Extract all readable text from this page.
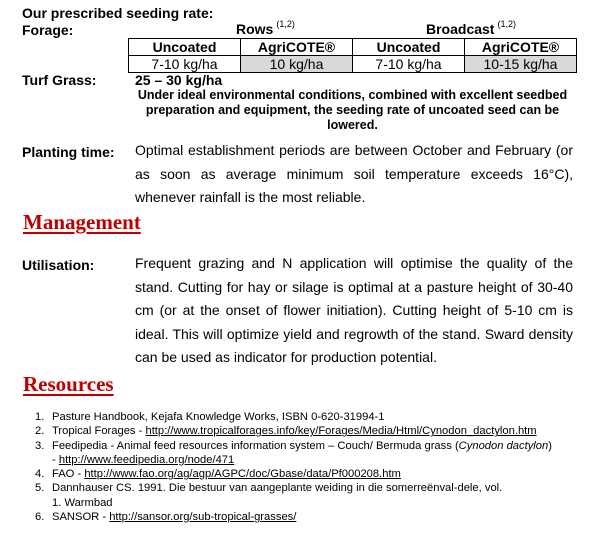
Our prescribed seeding rate:
Forage:	Rows $^{(1,2)}$	Broadcast $^{(1,2)}$
Uncoated	AgriCOTE®	Uncoated	AgriCOTE®
7-10 kg/ha	10 kg/ha	7-10 kg/ha	10-15 kg/ha
Turf Grass:	25 – 30 kg/ha
Under ideal environmental conditions, combined with excellent seedbed preparation and equipment, the seeding rate of uncoated seed can be lowered.
Planting time: Optimal establishment periods are between October and February (or as soon as average minimum soil temperature exceeds 16°C), whenever rainfall is the most reliable.
Management
Utilisation:	Frequent grazing and N application will optimise the quality of the stand. Cutting for hay or silage is optimal at a pasture height of 30-40 cm (or at the onset of flower initiation). Cutting height of 5-10 cm is ideal. This will optimize yield and regrowth of the stand. Sward density can be used as indicator for production potential.
Resources
1. Pasture Handbook, Kejafa Knowledge Works, ISBN 0-620-31994-1
2. Tropical Forages - http://www.tropicalforages.info/key/Forages/Media/Html/Cynodon_dactylon.htm
3. Feedipedia - Animal feed resources information system – Couch/ Bermuda grass (Cynodon dactylon)
- http://www.feedipedia.org/node/471
4. FAO - http://www.fao.org/ag/agp/AGPC/doc/Gbase/data/Pf000208.htm
5. Dannhauser CS. 1991. Die bestuur van aangeplante weiding in die somerreënval-dele, vol. 1. Warmbad
6. SANSOR - http://sansor.org/sub-tropical-grasses/
